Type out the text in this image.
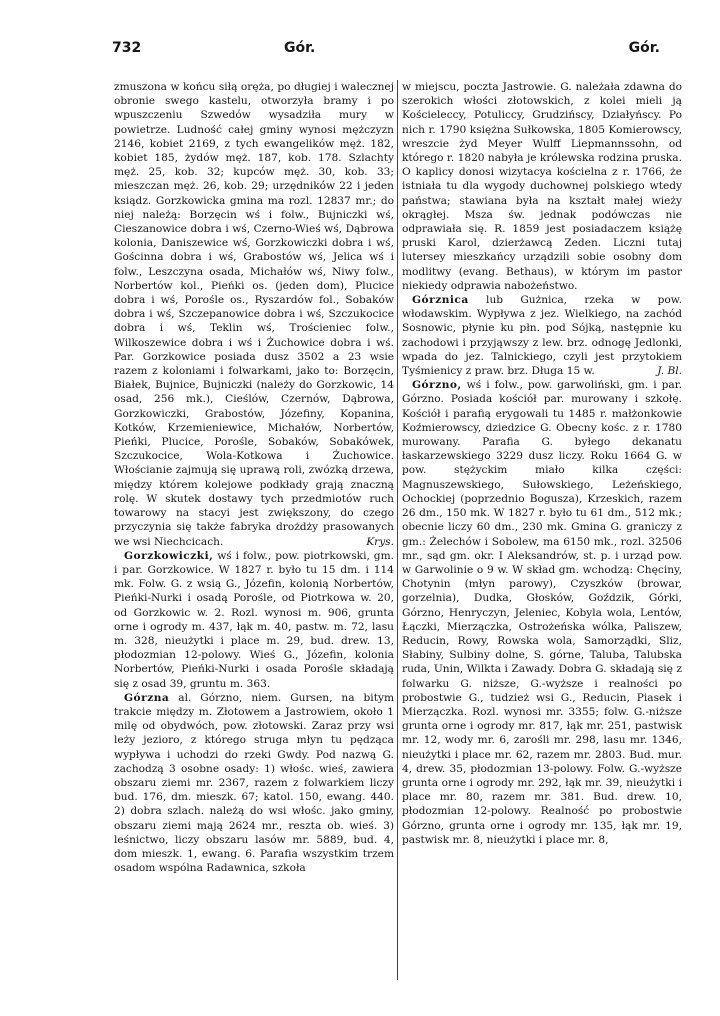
732	Gór.	Gór.

zmuszona w końcu siłą oręża, po długiej i walecznej obronie swego kastelu, otworzyła bramy i po wpuszczeniu Szwedów wysadziła mury w powietrze. Ludność całej gminy wynosi mężczyzn 2146, kobiet 2169, z tych ewangelików męż. 182, kobiet 185, żydów męż. 187, kob. 178. Szlachty męż. 25, kob. 32; kupców męż. 30, kob. 33; mieszczan męż. 26, kob. 29; urzędników 22 i jeden ksiądz. Gorzkowicka gmina ma rozl. 12837 mr.; do niej należą: Borzęcin wś i folw., Bujniczki wś, Cieszanowice dobra i wś, Czerno-Wieś wś, Dąbrowa kolonia, Daniszewice wś, Gorzkowiczki dobra i wś, Gościnna dobra i wś, Grabostów wś, Jelica wś i folw., Leszczyna osada, Michałów wś, Niwy folw., Norbertów kol., Pieńki os. (jeden dom), Plucice dobra i wś, Porośle os., Ryszardów fol., Sobaków dobra i wś, Szczepanowice dobra i wś, Szczukocice dobra i wś, Teklin wś, Trościeniec folw., Wilkoszewice dobra i wś i Żuchowice dobra i wś. Par. Gorzkowice posiada dusz 3502 a 23 wsie razem z koloniami i folwarkami, jako to: Borzęcin, Białek, Bujnice, Bujniczki (należy do Gorzkowic, 14 osad, 256 mk.), Cieślów, Czernów, Dąbrowa, Gorzkowiczki, Grabostów, Józefiny, Kopanina, Kotków, Krzemieniewice, Michałów, Norbertów, Pieńki, Plucice, Porośle, Sobaków, Sobakówek, Szczukocice, Wola-Kotkowa i Żuchowice. Włościanie zajmują się uprawą roli, zwózką drzewa, między którem kolejowe podkłady grają znaczną rolę. W skutek dostawy tych przedmiotów ruch towarowy na stacyi jest zwiększony, do czego przyczynia się także fabryka drożdży prasowanych we wsi Niechcicach.	Krys.

Gorzkowiczki, wś i folw., pow. piotrkowski, gm. i par. Gorzkowice. W 1827 r. było tu 15 dm. i 114 mk. Folw. G. z wsią G., Józefin, kolonią Norbertów, Pieńki-Nurki i osadą Porośle, od Piotrkowa w. 20, od Gorzkowic w. 2. Rozl. wynosi m. 906, grunta orne i ogrody m. 437, łąk m. 40, pastw. m. 72, lasu m. 328, nieużytki i place m. 29, bud. drew. 13, płodozmian 12-polowy. Wieś G., Józefin, kolonia Norbertów, Pieńki-Nurki i osada Porośle składają się z osad 39, gruntu m. 363.

Górzna al. Górzno, niem. Gursen, na bitym trakcie między m. Złotowem a Jastrowiem, około 1 milę od obydwóch, pow. złotowski. Zaraz przy wsi leży jezioro, z którego struga młyn tu pędząca wypływa i uchodzi do rzeki Gwdy. Pod nazwą G. zachodzą 3 osobne osady: 1) włośc. wieś, zawiera obszaru ziemi mr. 2367, razem z folwarkiem liczy bud. 176, dm. mieszk. 67; katol. 150, ewang. 440. 2) dobra szlach. należą do wsi włośc. jako gminy, obszaru ziemi mają 2624 mr., reszta ob. wieś. 3) leśnictwo, liczy obszaru lasów mr. 5889, bud. 4, dom mieszk. 1, ewang. 6. Parafia wszystkim trzem osadom wspólna Radawnica, szkoła

w miejscu, poczta Jastrowie. G. należała zdawna do szerokich włości złotowskich, z kolei mieli ją Kościeleccy, Potuliccy, Grudzińscy, Działyńscy. Po nich r. 1790 księżna Sułkowska, 1805 Komierowscy, wreszcie żyd Meyer Wulff Liepmannssohn, od którego r. 1820 nabyła je królewska rodzina pruska. O kaplicy donosi wizytacya kościelna z r. 1766, że istniała tu dla wygody duchownej polskiego wtedy państwa; stawiana była na kształt małej wieży okrągłej. Msza św. jednak podówczas nie odprawiała się. R. 1859 jest posiadaczem książę pruski Karol, dzierżawcą Zeden. Liczni tutaj lutersey mieszkańcy urządzili sobie osobny dom modlitwy (evang. Bethaus), w którym im pastor niekiedy odprawia nabożeństwo.

Górznica lub Gużnica, rzeka w pow. włodawskim. Wypływa z jez. Wielkiego, na zachód Sosnowic, płynie ku płn. pod Sójką, następnie ku zachodowi i przyjąwszy z lew. brz. odnogę Jedlonki, wpada do jez. Talnickiego, czyli jest przytokiem Tyśmienicy z praw. brz. Długa 15 w.	J. Bl.

Górzno, wś i folw., pow. garwoliński, gm. i par. Górzno. Posiada kościół par. murowany i szkołę. Kościół i parafią erygowali tu 1485 r. małżonkowie Koźmierowscy, dziedzice G. Obecny kośc. z r. 1780 murowany. Parafia G. byłego dekanatu łaskarzewskiego 3229 dusz liczy. Roku 1664 G. w pow. stężyckim miało kilka części: Magnuszewskiego, Sułowskiego, Leżeńskiego, Ochockiej (poprzednio Bogusza), Krzeskich, razem 26 dm., 150 mk. W 1827 r. było tu 61 dm., 512 mk.; obecnie liczy 60 dm., 230 mk. Gmina G. graniczy z gm.: Żelechów i Sobolew, ma 6150 mk., rozl. 32506 mr., sąd gm. okr. I Aleksandrów, st. p. i urząd pow. w Garwolinie o 9 w. W skład gm. wchodzą: Chęciny, Chotynin (młyn parowy), Czyszków (browar, gorzelnia), Dudka, Głosków, Goździk, Górki, Górzno, Henryczyn, Jeleniec, Kobyla wola, Lentów, Łączki, Mierzączka, Ostrożeńska wólka, Paliszew, Reducin, Rowy, Rowska wola, Samorządki, Sliz, Słabiny, Sulbiny dolne, S. górne, Taluba, Talubska ruda, Unin, Wilkta i Zawady. Dobra G. składają się z folwarku G. niższe, G.-wyższe i realności po probostwie G., tudzież wsi G., Reducin, Piasek i Mierzączka. Rozl. wynosi mr. 3355; folw. G.-niższe grunta orne i ogrody mr. 817, łąk mr. 251, pastwisk mr. 12, wody mr. 6, zarośli mr. 298, lasu mr. 1346, nieużytki i place mr. 62, razem mr. 2803. Bud. mur. 4, drew. 35, płodozmian 13-polowy. Folw. G.-wyższe grunta orne i ogrody mr. 292, łąk mr. 39, nieużytki i place mr. 80, razem mr. 381. Bud. drew. 10, płodozmian 12-polowy. Realność po probostwie Górzno, grunta orne i ogrody mr. 135, łąk mr. 19, pastwisk mr. 8, nieużytki i place mr. 8,
